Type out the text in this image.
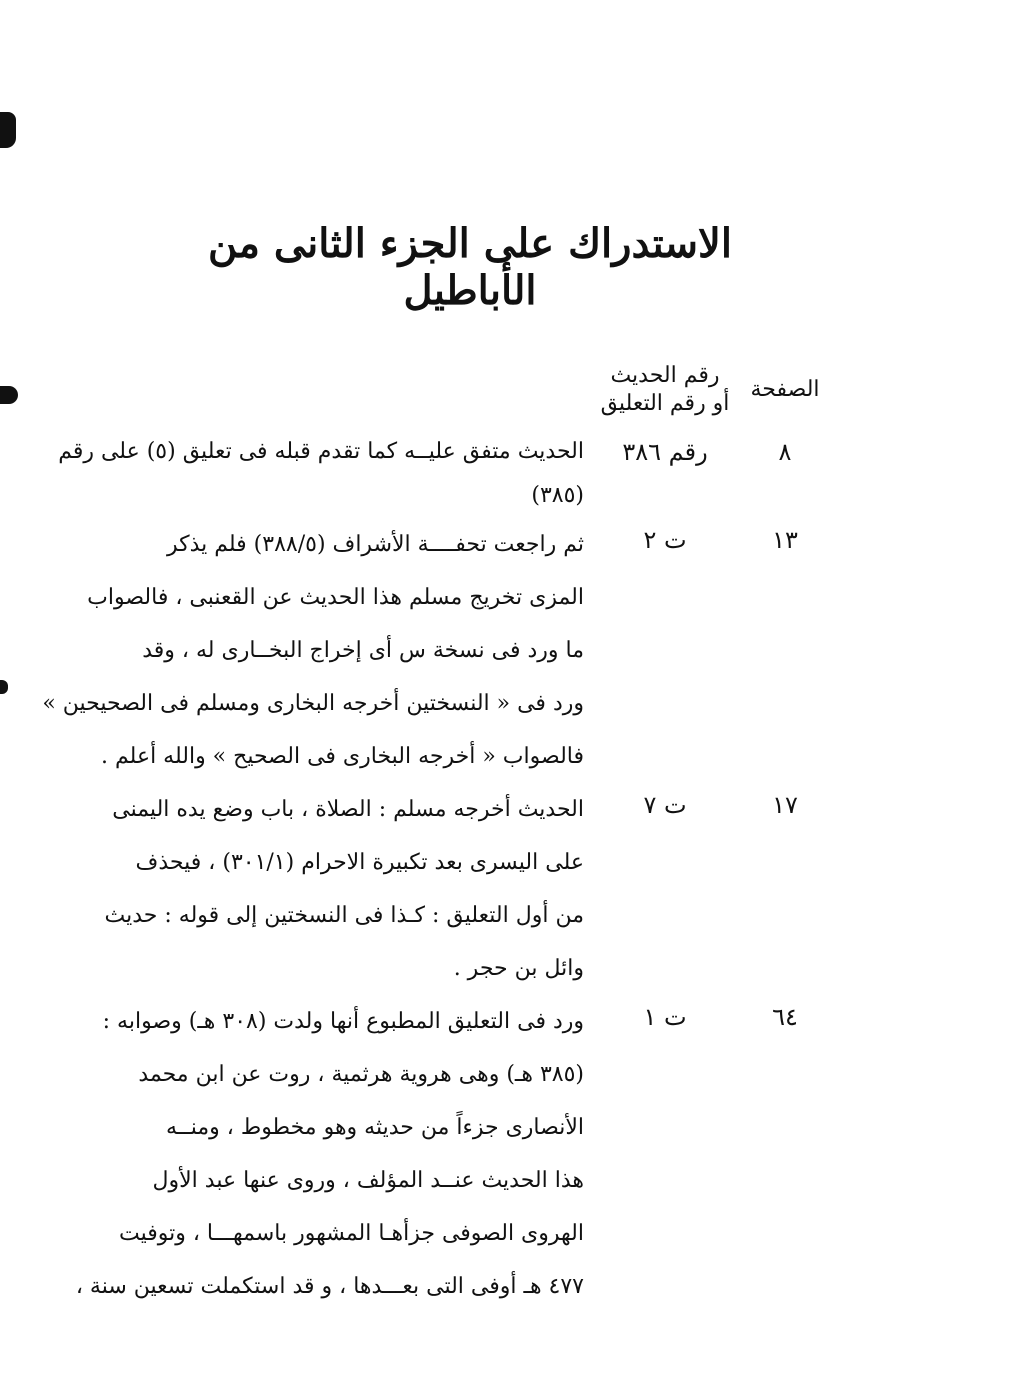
الاستدراك على الجزء الثانى من الأباطيل
الصفحة
رقم الحديث
أو رقم التعليق
٨
رقم ٣٨٦
الحديث متفق عليــه كما تقدم قبله فى تعليق (٥) على رقم
(٣٨٥)
١٣
ت ٢
ثم راجعت تحفــــة الأشراف (٣٨٨/٥) فلم يذكر
المزى تخريج مسلم هذا الحديث عن القعنبى ، فالصواب
ما ورد فى نسخة س أى إخراج البخــارى له ، وقد
ورد فى « النسختين أخرجه البخارى ومسلم فى الصحيحين »
فالصواب « أخرجه البخارى فى الصحيح » والله أعلم .
١٧
ت ٧
الحديث أخرجه مسلم : الصلاة ، باب وضع يده اليمنى
على اليسرى بعد تكبيرة الاحرام (٣٠١/١) ، فيحذف
من أول التعليق : كـذا فى النسختين إلى قوله : حديث
وائل بن حجر .
٦٤
ت ١
ورد فى التعليق المطبوع أنها ولدت (٣٠٨ هـ) وصوابه :
(٣٨٥ هـ) وهى هروية هرثمية ، روت عن ابن محمد
الأنصارى جزءاً من حديثه وهو مخطوط ، ومنــه
هذا الحديث عنــد المؤلف ، وروى عنها عبد الأول
الهروى الصوفى جزأهـا المشهور باسمهـــا ، وتوفيت
٤٧٧ هـ أوفى التى بعـــدها ، و قد استكملت تسعين سنة ،
